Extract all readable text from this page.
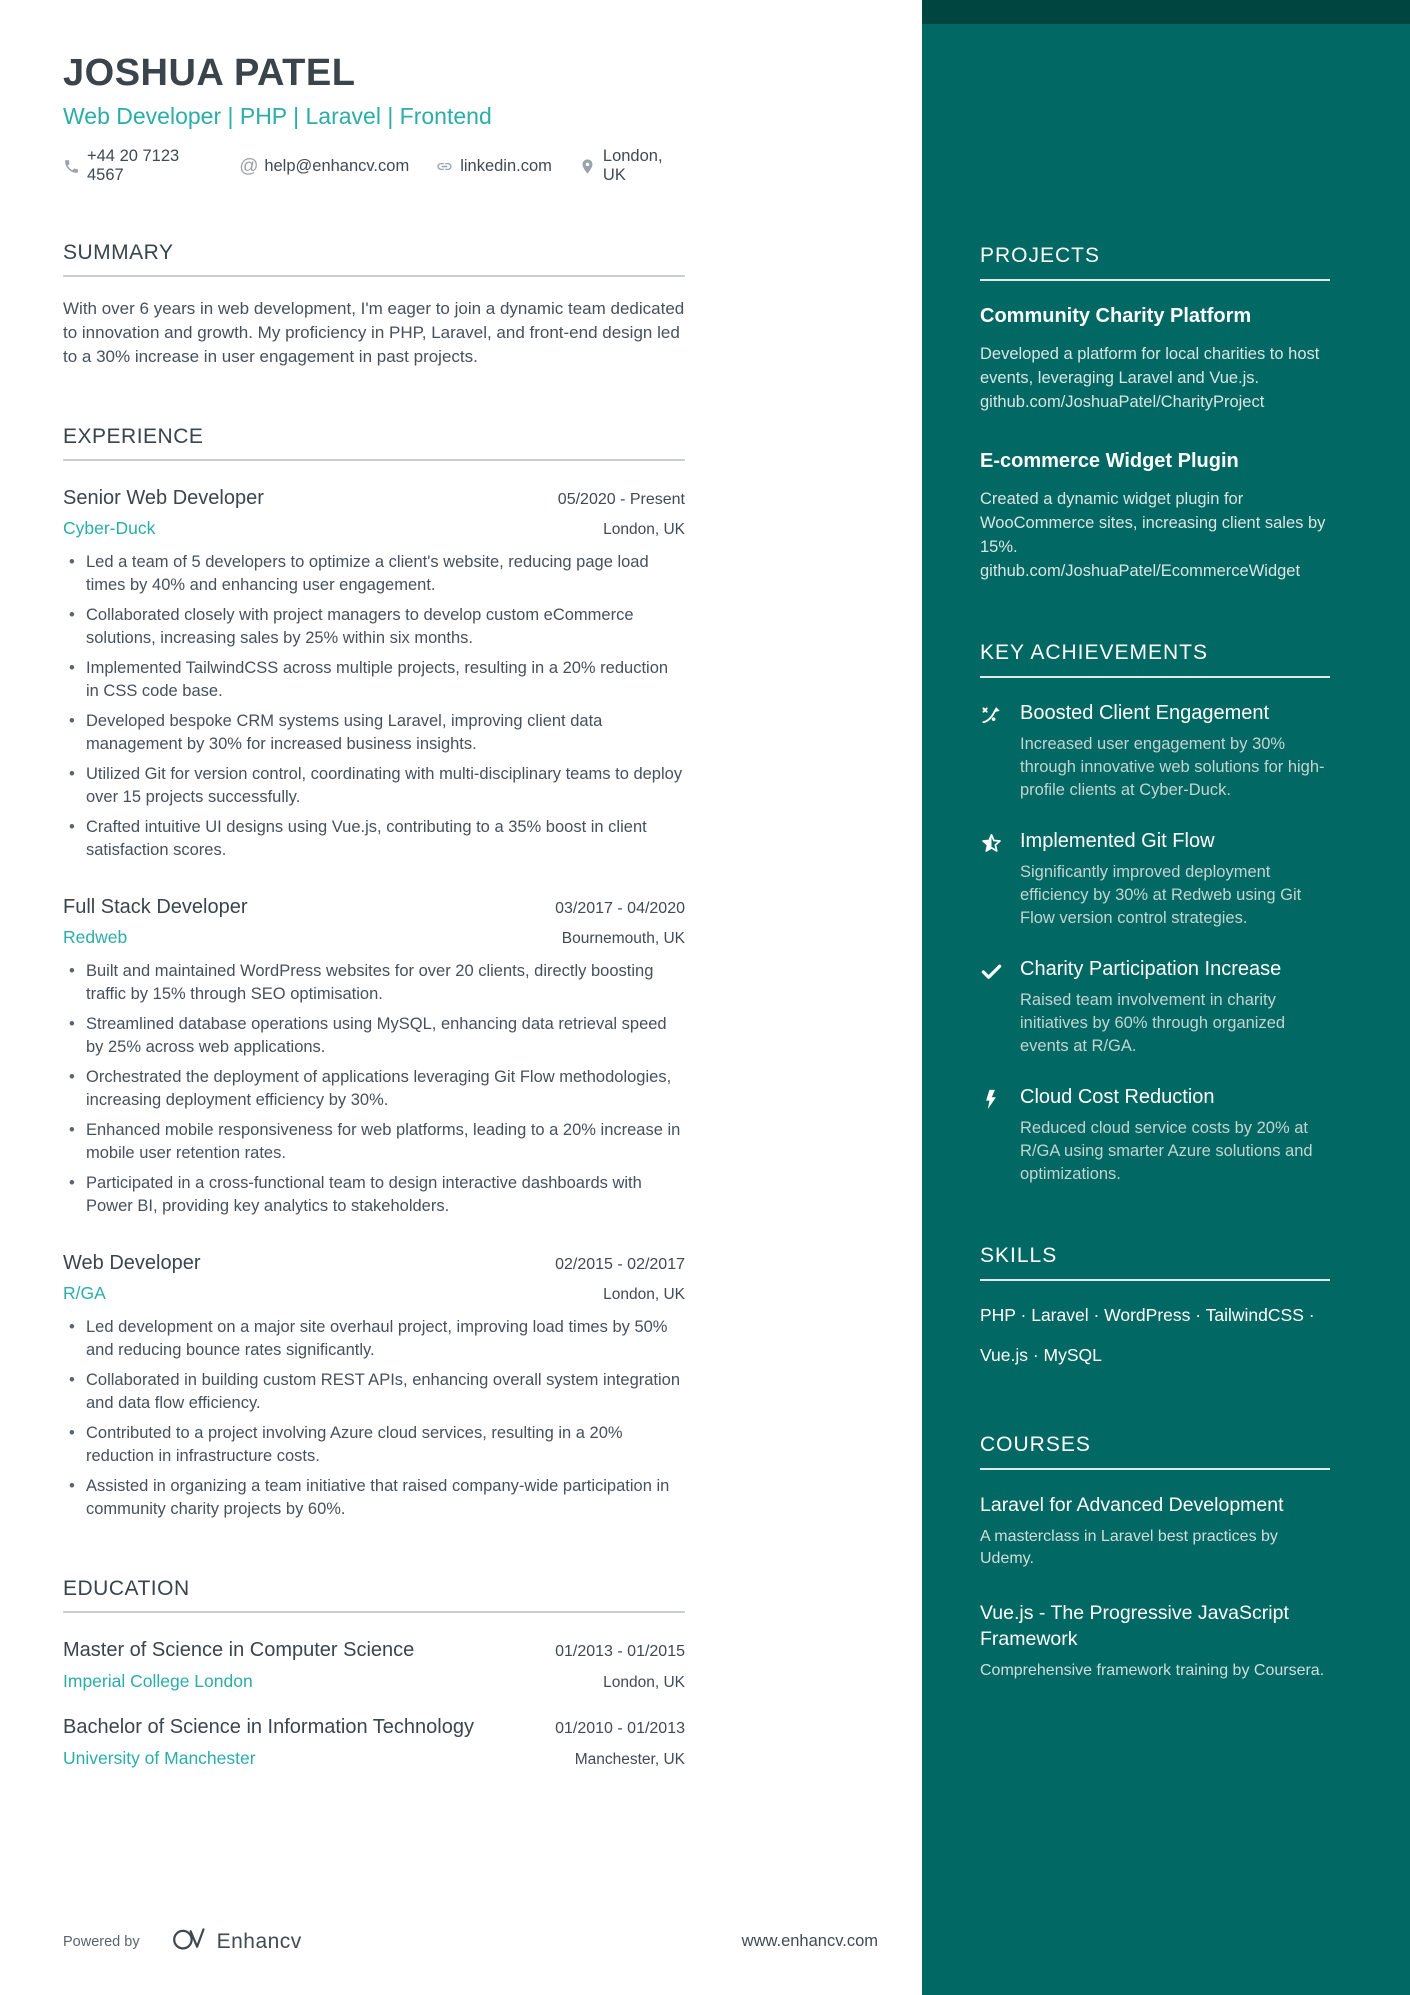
JOSHUA PATEL
Web Developer | PHP | Laravel | Frontend
+44 20 7123 4567	@ help@enhancv.com	linkedin.com
London, UK
SUMMARY
With over 6 years in web development, I'm eager to join a dynamic team dedicated to innovation and growth. My proficiency in PHP, Laravel, and front-end design led to a 30% increase in user engagement in past projects.
EXPERIENCE
Senior Web Developer	05/2020 - Present
Cyber-Duck	London, UK
• Led a team of 5 developers to optimize a client's website, reducing page load times by 40% and enhancing user engagement.
• Collaborated closely with project managers to develop custom eCommerce solutions, increasing sales by 25% within six months.
• Implemented TailwindCSS across multiple projects, resulting in a 20% reduction in CSS code base.
• Developed bespoke CRM systems using Laravel, improving client data management by 30% for increased business insights.
• Utilized Git for version control, coordinating with multi-disciplinary teams to deploy over 15 projects successfully.
• Crafted intuitive UI designs using Vue.js, contributing to a 35% boost in client satisfaction scores.
Full Stack Developer	03/2017 - 04/2020
Redweb	Bournemouth, UK
• Built and maintained WordPress websites for over 20 clients, directly boosting traffic by 15% through SEO optimisation.
• Streamlined database operations using MySQL, enhancing data retrieval speed by 25% across web applications.
• Orchestrated the deployment of applications leveraging Git Flow methodologies, increasing deployment efficiency by 30%.
• Enhanced mobile responsiveness for web platforms, leading to a 20% increase in mobile user retention rates.
• Participated in a cross-functional team to design interactive dashboards with Power BI, providing key analytics to stakeholders.
Web Developer	02/2015 - 02/2017
R/GA	London, UK
• Led development on a major site overhaul project, improving load times by 50% and reducing bounce rates significantly.
• Collaborated in building custom REST APIs, enhancing overall system integration and data flow efficiency.
• Contributed to a project involving Azure cloud services, resulting in a 20% reduction in infrastructure costs.
• Assisted in organizing a team initiative that raised company-wide participation in community charity projects by 60%.
EDUCATION
Master of Science in Computer Science	01/2013 - 01/2015
Imperial College London	London, UK
Bachelor of Science in Information Technology	01/2010 - 01/2013
University of Manchester	Manchester, UK
PROJECTS
Community Charity Platform
Developed a platform for local charities to host events, leveraging Laravel and Vue.js.
github.com/JoshuaPatel/CharityProject
E-commerce Widget Plugin
Created a dynamic widget plugin for WooCommerce sites, increasing client sales by 15%.
github.com/JoshuaPatel/EcommerceWidget
KEY ACHIEVEMENTS
Boosted Client Engagement
Increased user engagement by 30% through innovative web solutions for high-profile clients at Cyber-Duck.
Implemented Git Flow
Significantly improved deployment efficiency by 30% at Redweb using Git Flow version control strategies.
Charity Participation Increase
Raised team involvement in charity initiatives by 60% through organized events at R/GA.
Cloud Cost Reduction
Reduced cloud service costs by 20% at R/GA using smarter Azure solutions and optimizations.
SKILLS
PHP · Laravel · WordPress · TailwindCSS · Vue.js · MySQL
COURSES
Laravel for Advanced Development
A masterclass in Laravel best practices by Udemy.
Vue.js - The Progressive JavaScript Framework
Comprehensive framework training by Coursera.
Powered by	Enhancv	www.enhancv.com
